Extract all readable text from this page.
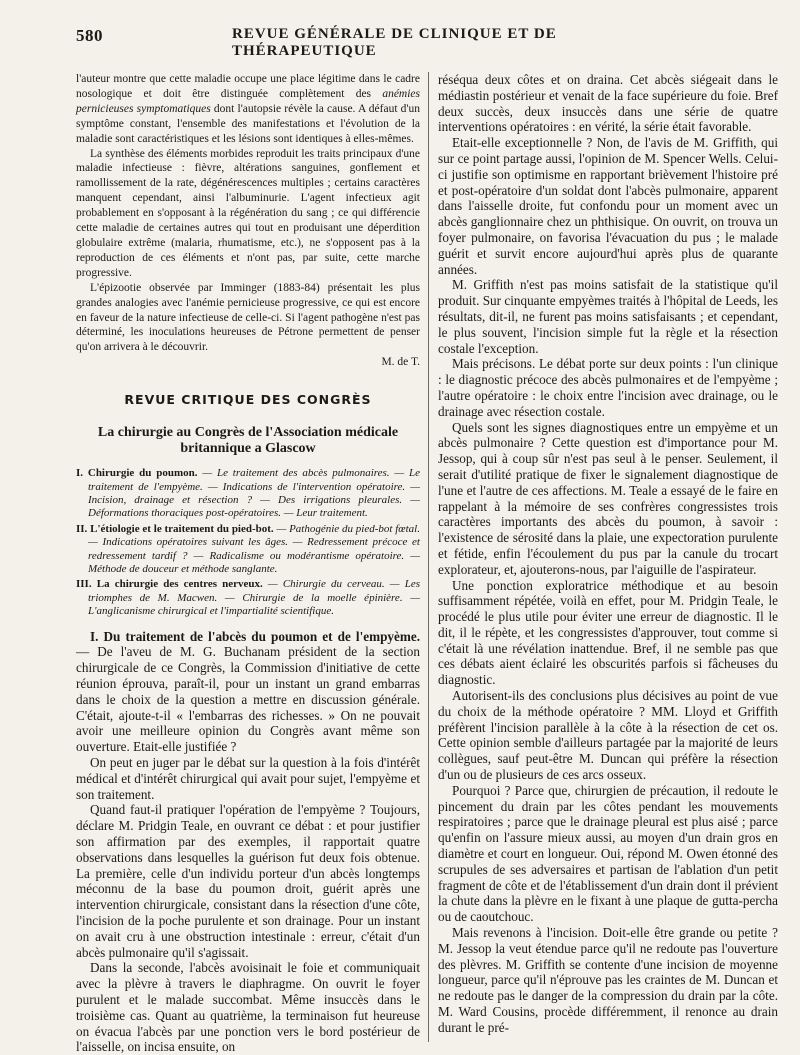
580	REVUE GÉNÉRALE DE CLINIQUE ET DE THÉRAPEUTIQUE

l'auteur montre que cette maladie occupe une place légitime dans le cadre nosologique et doit être distinguée complètement des anémies pernicieuses symptomatiques dont l'autopsie révèle la cause. A défaut d'un symptôme constant, l'ensemble des manifestations et l'évolution de la maladie sont caractéristiques et les lésions sont identiques à elles-mêmes.

La synthèse des éléments morbides reproduit les traits principaux d'une maladie infectieuse : fièvre, altérations sanguines, gonflement et ramollissement de la rate, dégénérescences multiples ; certains caractères manquent cependant, ainsi l'albuminurie. L'agent infectieux agit probablement en s'opposant à la régénération du sang ; ce qui différencie cette maladie de certaines autres qui tout en produisant une déperdition globulaire extrême (malaria, rhumatisme, etc.), ne s'opposent pas à la reproduction de ces éléments et n'ont pas, par suite, cette marche progressive.

L'épizootie observée par Imminger (1883-84) présentait les plus grandes analogies avec l'anémie pernicieuse progressive, ce qui est encore en faveur de la nature infectieuse de celle-ci. Si l'agent pathogène n'est pas déterminé, les inoculations heureuses de Pétrone permettent de penser qu'on arrivera à le découvrir.

M. de T.
REVUE CRITIQUE DES CONGRÈS
La chirurgie au Congrès de l'Association médicale britannique a Glascow
I. Chirurgie du poumon. — Le traitement des abcès pulmonaires. — Le traitement de l'empyème. — Indications de l'intervention opératoire. — Incision, drainage et résection ? — Des irrigations pleurales. — Déformations thoraciques post-opératoires. — Leur traitement.
II. L'étiologie et le traitement du pied-bot. — Pathogénie du pied-bot fœtal. — Indications opératoires suivant les âges. — Redressement précoce et redressement tardif ? — Radicalisme ou modérantisme opératoire. — Méthode de douceur et méthode sanglante.
III. La chirurgie des centres nerveux. — Chirurgie du cerveau. — Les triomphes de M. Macwen. — Chirurgie de la moelle épinière. — L'anglicanisme chirurgical et l'impartialité scientifique.

I. Du traitement de l'abcès du poumon et de l'empyème. — De l'aveu de M. G. Buchanam président de la section chirurgicale de ce Congrès, la Commission d'initiative de cette réunion éprouva, paraît-il, pour un instant un grand embarras dans le choix de la question a mettre en discussion générale. C'était, ajoute-t-il « l'embarras des richesses. » On ne pouvait avoir une meilleure opinion du Congrès avant même son ouverture. Etait-elle justifiée ?

On peut en juger par le débat sur la question à la fois d'intérêt médical et d'intérêt chirurgical qui avait pour sujet, l'empyème et son traitement.

Quand faut-il pratiquer l'opération de l'empyème ? Toujours, déclare M. Pridgin Teale, en ouvrant ce débat : et pour justifier son affirmation par des exemples, il rapportait quatre observations dans lesquelles la guérison fut deux fois obtenue. La première, celle d'un individu porteur d'un abcès longtemps méconnu de la base du poumon droit, guérit après une intervention chirurgicale, consistant dans la résection d'une côte, l'incision de la poche purulente et son drainage. Pour un instant on avait cru à une obstruction intestinale : erreur, c'était d'un abcès pulmonaire qu'il s'agissait.

Dans la seconde, l'abcès avoisinait le foie et communiquait avec la plèvre à travers le diaphragme. On ouvrit le foyer purulent et le malade succombat. Même insuccès dans le troisième cas. Quant au quatrième, la terminaison fut heureuse on évacua l'abcès par une ponction vers le bord postérieur de l'aisselle, on incisa ensuite, on

réséqua deux côtes et on draina. Cet abcès siégeait dans le médiastin postérieur et venait de la face supérieure du foie. Bref deux succès, deux insuccès dans une série de quatre interventions opératoires : en vérité, la série était favorable.

Etait-elle exceptionnelle ? Non, de l'avis de M. Griffith, qui sur ce point partage aussi, l'opinion de M. Spencer Wells. Celui-ci justifie son optimisme en rapportant brièvement l'histoire pré et post-opératoire d'un soldat dont l'abcès pulmonaire, apparent dans l'aisselle droite, fut confondu pour un moment avec un abcès ganglionnaire chez un phthisique. On ouvrit, on trouva un foyer pulmonaire, on favorisa l'évacuation du pus ; le malade guérit et survit encore aujourd'hui après plus de quarante années.

M. Griffith n'est pas moins satisfait de la statistique qu'il produit. Sur cinquante empyèmes traités à l'hôpital de Leeds, les résultats, dit-il, ne furent pas moins satisfaisants ; et cependant, le plus souvent, l'incision simple fut la règle et la résection costale l'exception.

Mais précisons. Le débat porte sur deux points : l'un clinique : le diagnostic précoce des abcès pulmonaires et de l'empyème ; l'autre opératoire : le choix entre l'incision avec drainage, ou le drainage avec résection costale.

Quels sont les signes diagnostiques entre un empyème et un abcès pulmonaire ? Cette question est d'importance pour M. Jessop, qui à coup sûr n'est pas seul à le penser. Seulement, il serait d'utilité pratique de fixer le signalement diagnostique de l'une et l'autre de ces affections. M. Teale a essayé de le faire en rappelant à la mémoire de ses confrères congressistes trois caractères importants des abcès du poumon, à savoir : l'existence de sérosité dans la plaie, une expectoration purulente et fétide, enfin l'écoulement du pus par la canule du trocart explorateur, et, ajouterons-nous, par l'aiguille de l'aspirateur.

Une ponction exploratrice méthodique et au besoin suffisamment répétée, voilà en effet, pour M. Pridgin Teale, le procédé le plus utile pour éviter une erreur de diagnostic. Il le dit, il le répète, et les congressistes d'approuver, tout comme si c'était là une révélation inattendue. Bref, il ne semble pas que ces débats aient éclairé les obscurités parfois si fâcheuses du diagnostic.

Autorisent-ils des conclusions plus décisives au point de vue du choix de la méthode opératoire ? MM. Lloyd et Griffith préfèrent l'incision parallèle à la côte à la résection de cet os. Cette opinion semble d'ailleurs partagée par la majorité de leurs collègues, sauf peut-être M. Duncan qui préfère la résection d'un ou de plusieurs de ces arcs osseux.

Pourquoi ? Parce que, chirurgien de précaution, il redoute le pincement du drain par les côtes pendant les mouvements respiratoires ; parce que le drainage pleural est plus aisé ; parce qu'enfin on l'assure mieux aussi, au moyen d'un drain gros en diamètre et court en longueur. Oui, répond M. Owen étonné des scrupules de ses adversaires et partisan de l'ablation d'un petit fragment de côte et de l'établissement d'un drain dont il prévient la chute dans la plèvre en le fixant à une plaque de gutta-percha ou de caoutchouc.

Mais revenons à l'incision. Doit-elle être grande ou petite ? M. Jessop la veut étendue parce qu'il ne redoute pas l'ouverture des plèvres. M. Griffith se contente d'une incision de moyenne longueur, parce qu'il n'éprouve pas les craintes de M. Duncan et ne redoute pas le danger de la compression du drain par la côte. M. Ward Cousins, procède différemment, il renonce au drain durant le pré-
